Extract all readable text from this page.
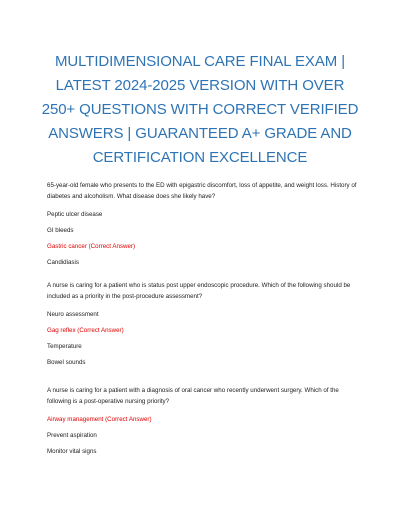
MULTIDIMENSIONAL CARE FINAL EXAM | LATEST 2024-2025 VERSION WITH OVER 250+ QUESTIONS WITH CORRECT VERIFIED ANSWERS | GUARANTEED A+ GRADE AND CERTIFICATION EXCELLENCE
65-year-old female who presents to the ED with epigastric discomfort, loss of appetite, and weight loss. History of diabetes and alcoholism. What disease does she likely have?
Peptic ulcer disease
GI bleeds
Gastric cancer (Correct Answer)
Candidiasis
A nurse is caring for a patient who is status post upper endoscopic procedure. Which of the following should be included as a priority in the post-procedure assessment?
Neuro assessment
Gag reflex (Correct Answer)
Temperature
Bowel sounds
A nurse is caring for a patient with a diagnosis of oral cancer who recently underwent surgery. Which of the following is a post-operative nursing priority?
Airway management (Correct Answer)
Prevent aspiration
Monitor vital signs
